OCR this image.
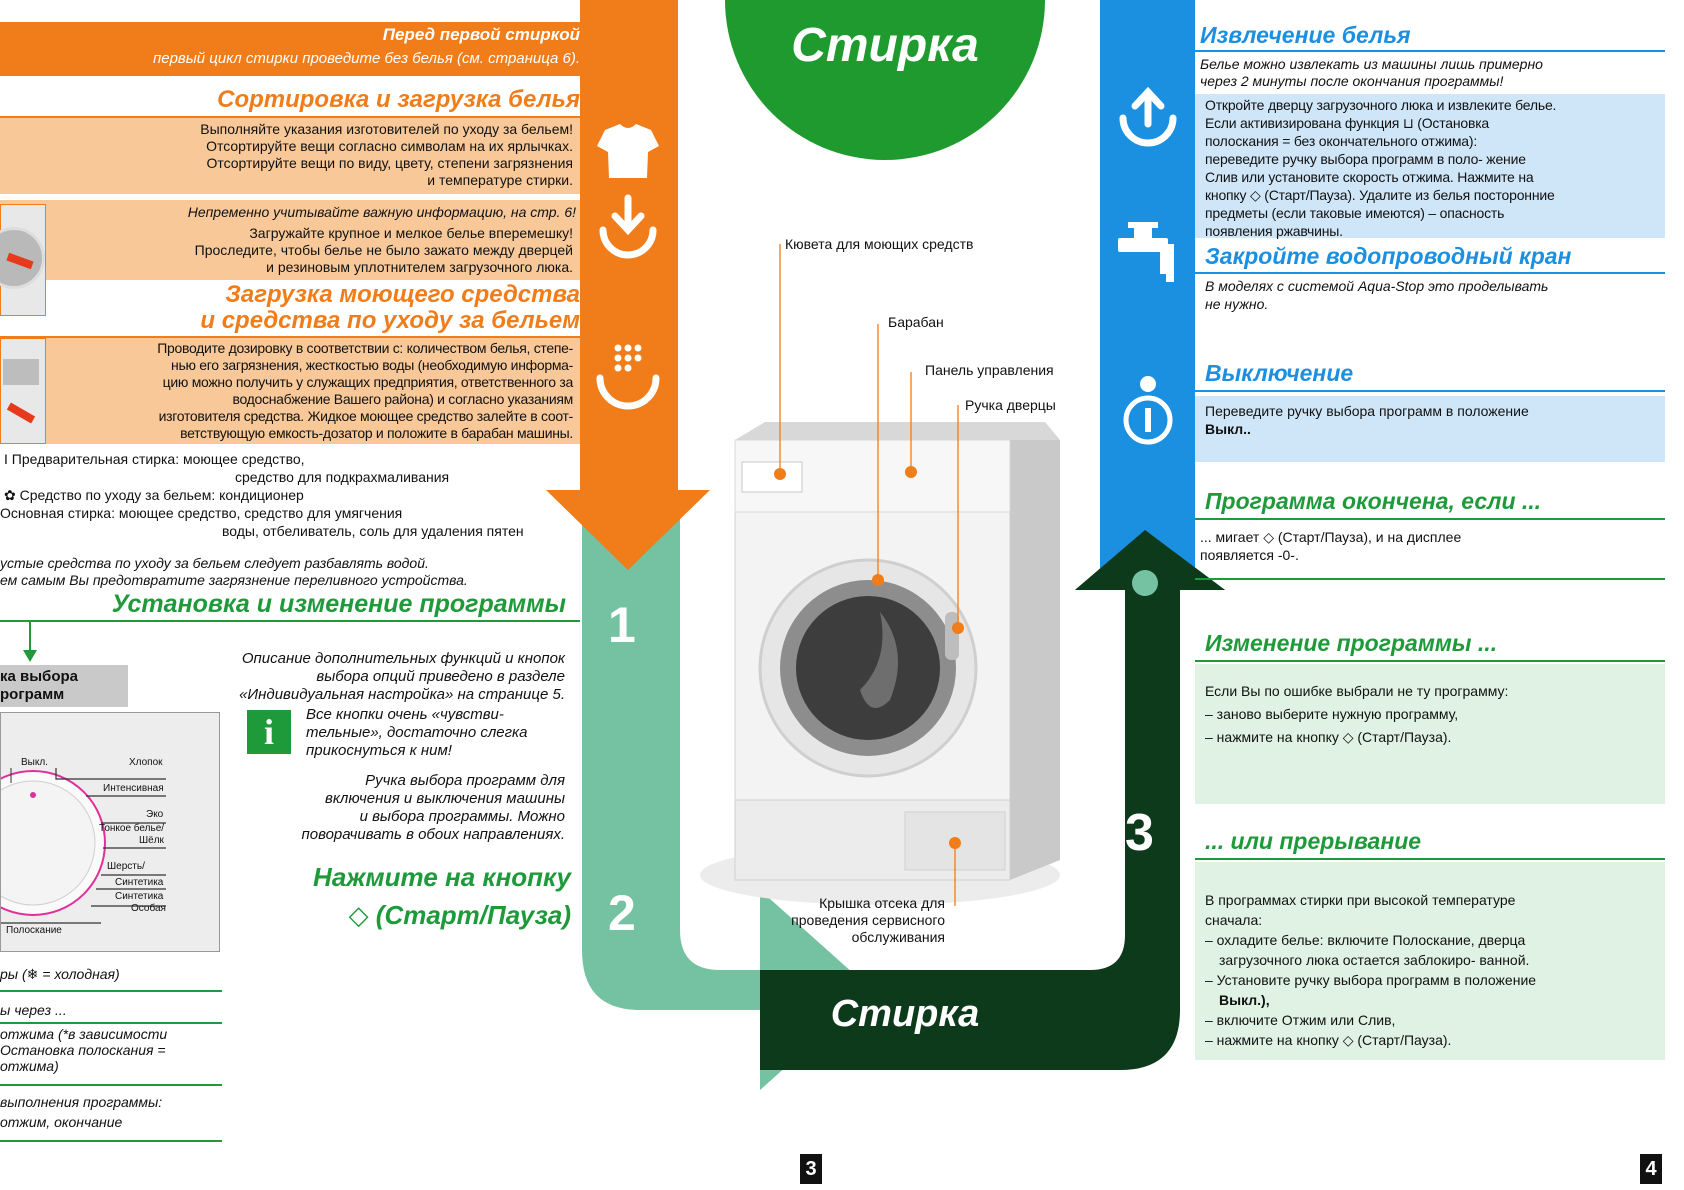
Стирка
Стирка
1
2
3
Кювета для моющих средств
Барабан
Панель управления
Ручка дверцы
Крышка отсека для
проведения сервисного
обслуживания
3	4
Перед первой стиркой
первый цикл стирки проведите без белья (см. страница 6).
Сортировка и загрузка белья
Выполняйте указания изготовителей по уходу за бельем!
Отсортируйте вещи согласно символам на их ярлычках.
Отсортируйте вещи по виду, цвету, степени загрязнения
и температуре стирки.
Непременно учитывайте важную информацию, на стр. 6!
Загружайте крупное и мелкое белье вперемешку!
Проследите, чтобы белье не было зажато между дверцей
и резиновым уплотнителем загрузочного люка.
Загрузка моющего средства
и средства по уходу за бельем
Проводите дозировку в соответствии с: количеством белья, степе-
нью его загрязнения, жесткостью воды (необходимую информа-
цию можно получить у служащих предприятия, ответственного за
водоснабжение Вашего района) и согласно указаниям
изготовителя средства. Жидкое моющее средство залейте в соот-
ветствующую емкость-дозатор и положите в барабан машины.
I Предварительная стирка: моющее средство,
средство для подкрахмаливания
✿ Средство по уходу за бельем: кондиционер
Основная стирка: моющее средство, средство для умягчения
воды, отбеливатель, соль для удаления пятен
устые средства по уходу за бельем следует разбавлять водой.
ем самым Вы предотвратите загрязнение переливного устройства.
Установка и изменение программы
ка выбора
рограмм
Выкл.	Хлопок
Интенсивная
Эко
Тонкое белье/
Шёлк
Шерсть/
Синтетика
Синтетика
Особая
Полоскание
Описание дополнительных функций и кнопок
выбора опций приведено в разделе
«Индивидуальная настройка» на странице 5.
i	Все кнопки очень «чувстви-
тельные», достаточно слегка
прикоснуться к ним!
Ручка выбора программ для
включения и выключения машины
и выбора программы. Можно
поворачивать в обоих направлениях.
Нажмите на кнопку
◇ (Старт/Пауза)
ры (❄ = холодная)
ы через ...
отжима (*в зависимости
Остановка полоскания =
отжима)
выполнения программы:
отжим, окончание
Извлечение белья
Белье можно извлекать из машины лишь примерно
через 2 минуты после окончания программы!
Откройте дверцу загрузочного люка и извлеките белье.
Если активизирована функция ⊔ (Остановка
полоскания = без окончательного отжима):
переведите ручку выбора программ в поло- жение
Слив или установите скорость отжима. Нажмите на
кнопку ◇ (Старт/Пауза). Удалите из белья посторонние
предметы (если таковые имеются) – опасность
появления ржавчины.
Закройте водопроводный кран
В моделях с системой Aqua-Stop это проделывать
не нужно.
Выключение
Переведите ручку выбора программ в положение
Выкл..
Программа окончена, если ...
... мигает ◇ (Старт/Пауза), и на дисплее
появляется -0-.
Изменение программы ...
Если Вы по ошибке выбрали не ту программу:
– заново выберите нужную программу,
– нажмите на кнопку ◇ (Старт/Пауза).
... или прерывание
В программах стирки при высокой температуре
сначала:
– охладите белье: включите Полоскание, дверца
загрузочного люка остается заблокиро- ванной.
– Установите ручку выбора программ в положение
Выкл.),
– включите Отжим или Слив,
– нажмите на кнопку ◇ (Старт/Пауза).
